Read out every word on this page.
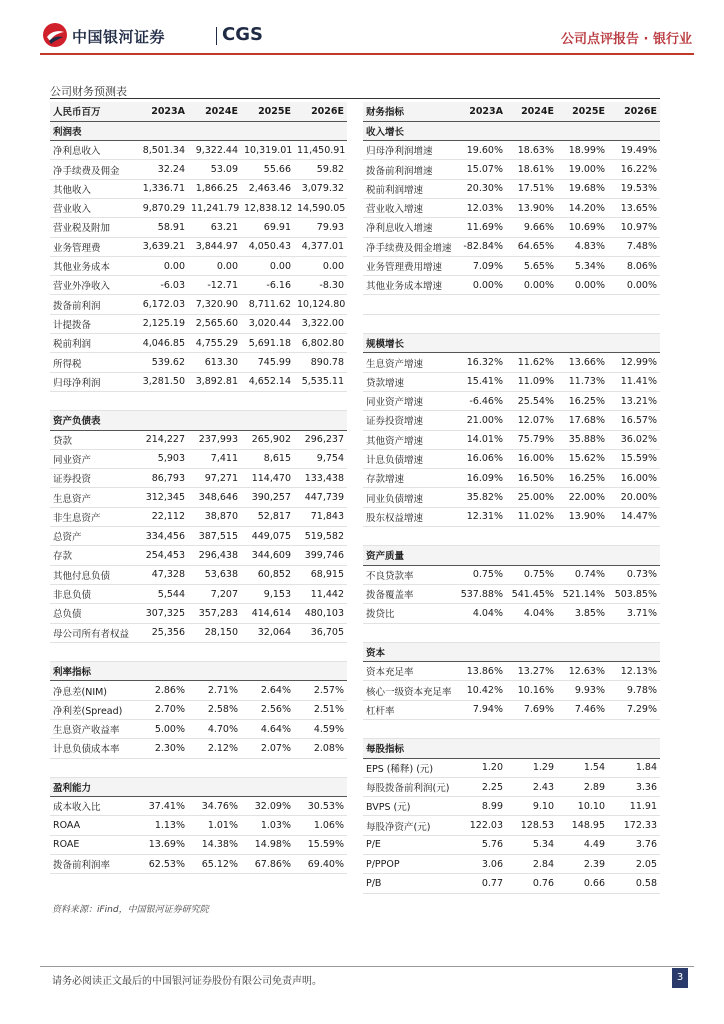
中国银河证券	CGS	公司点评报告 · 银行业
公司财务预测表
人民币百万	2023A	2024E	2025E	2026E
利润表				
净利息收入	8,501.34	9,322.44	10,319.01	11,450.91
净手续费及佣金	32.24	53.09	55.66	59.82
其他收入	1,336.71	1,866.25	2,463.46	3,079.32
营业收入	9,870.29	11,241.79	12,838.12	14,590.05
营业税及附加	58.91	63.21	69.91	79.93
业务管理费	3,639.21	3,844.97	4,050.43	4,377.01
其他业务成本	0.00	0.00	0.00	0.00
营业外净收入	-6.03	-12.71	-6.16	-8.30
拨备前利润	6,172.03	7,320.90	8,711.62	10,124.80
计提拨备	2,125.19	2,565.60	3,020.44	3,322.00
税前利润	4,046.85	4,755.29	5,691.18	6,802.80
所得税	539.62	613.30	745.99	890.78
归母净利润	3,281.50	3,892.81	4,652.14	5,535.11

资产负债表				
贷款	214,227	237,993	265,902	296,237
同业资产	5,903	7,411	8,615	9,754
证券投资	86,793	97,271	114,470	133,438
生息资产	312,345	348,646	390,257	447,739
非生息资产	22,112	38,870	52,817	71,843
总资产	334,456	387,515	449,075	519,582
存款	254,453	296,438	344,609	399,746
其他付息负债	47,328	53,638	60,852	68,915
非息负债	5,544	7,207	9,153	11,442
总负债	307,325	357,283	414,614	480,103
母公司所有者权益	25,356	28,150	32,064	36,705

利率指标				
净息差(NIM)	2.86%	2.71%	2.64%	2.57%
净利差(Spread)	2.70%	2.58%	2.56%	2.51%
生息资产收益率	5.00%	4.70%	4.64%	4.59%
计息负债成本率	2.30%	2.12%	2.07%	2.08%

盈利能力				
成本收入比	37.41%	34.76%	32.09%	30.53%
ROAA	1.13%	1.01%	1.03%	1.06%
ROAE	13.69%	14.38%	14.98%	15.59%
拨备前利润率	62.53%	65.12%	67.86%	69.40%
财务指标	2023A	2024E	2025E	2026E
收入增长				
归母净利润增速	19.60%	18.63%	18.99%	19.49%
拨备前利润增速	15.07%	18.61%	19.00%	16.22%
税前利润增速	20.30%	17.51%	19.68%	19.53%
营业收入增速	12.03%	13.90%	14.20%	13.65%
净利息收入增速	11.69%	9.66%	10.69%	10.97%
净手续费及佣金增速	-82.84%	64.65%	4.83%	7.48%
业务管理费用增速	7.09%	5.65%	5.34%	8.06%
其他业务成本增速	0.00%	0.00%	0.00%	0.00%

规模增长				
生息资产增速	16.32%	11.62%	13.66%	12.99%
贷款增速	15.41%	11.09%	11.73%	11.41%
同业资产增速	-6.46%	25.54%	16.25%	13.21%
证券投资增速	21.00%	12.07%	17.68%	16.57%
其他资产增速	14.01%	75.79%	35.88%	36.02%
计息负债增速	16.06%	16.00%	15.62%	15.59%
存款增速	16.09%	16.50%	16.25%	16.00%
同业负债增速	35.82%	25.00%	22.00%	20.00%
股东权益增速	12.31%	11.02%	13.90%	14.47%

资产质量				
不良贷款率	0.75%	0.75%	0.74%	0.73%
拨备覆盖率	537.88%	541.45%	521.14%	503.85%
拨贷比	4.04%	4.04%	3.85%	3.71%

资本				
资本充足率	13.86%	13.27%	12.63%	12.13%
核心一级资本充足率	10.42%	10.16%	9.93%	9.78%
杠杆率	7.94%	7.69%	7.46%	7.29%

每股指标				
EPS (稀释) (元)	1.20	1.29	1.54	1.84
每股拨备前利润(元)	2.25	2.43	2.89	3.36
BVPS (元)	8.99	9.10	10.10	11.91
每股净资产(元)	122.03	128.53	148.95	172.33
P/E	5.76	5.34	4.49	3.76
P/PPOP	3.06	2.84	2.39	2.05
P/B	0.77	0.76	0.66	0.58
资料来源：iFind，中国银河证券研究院
请务必阅读正文最后的中国银河证券股份有限公司免责声明。	3
